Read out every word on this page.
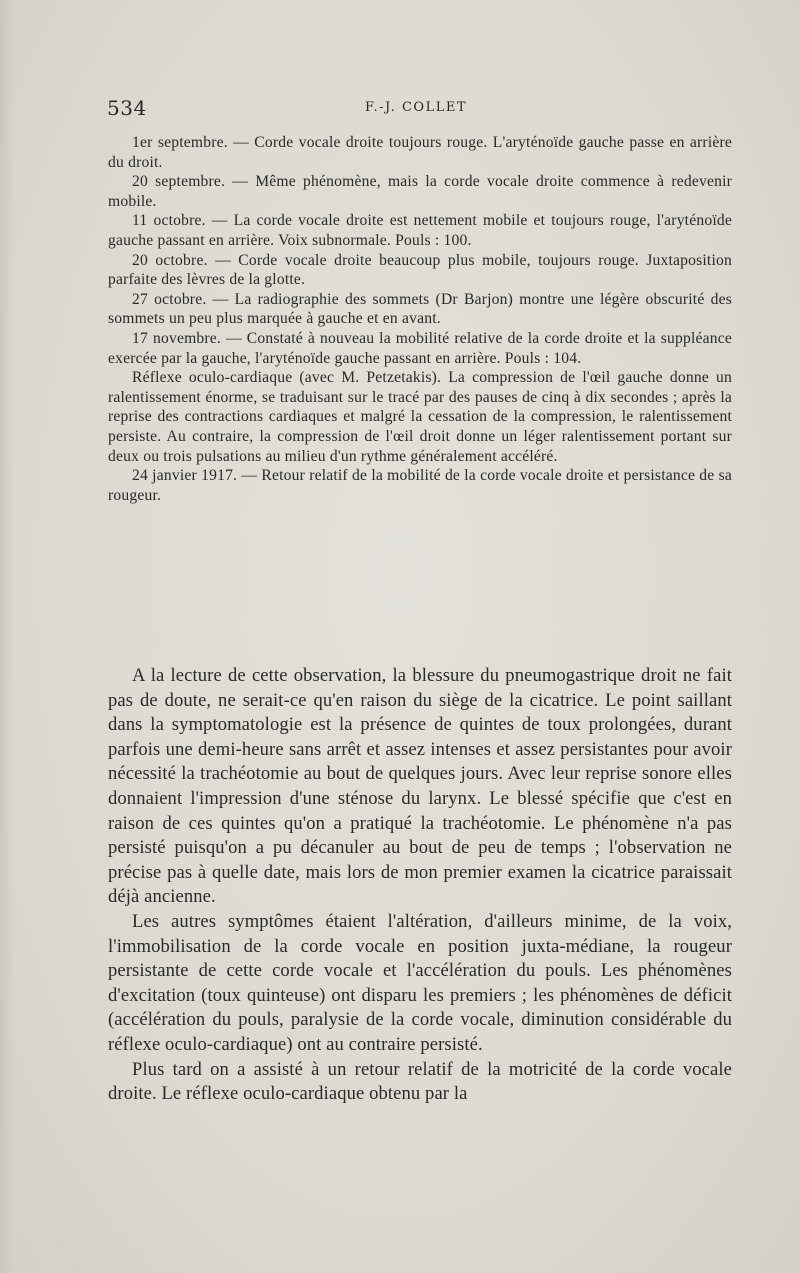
534	F.-J. COLLET

1er septembre. — Corde vocale droite toujours rouge. L'aryténoïde gauche passe en arrière du droit.

20 septembre. — Même phénomène, mais la corde vocale droite commence à redevenir mobile.

11 octobre. — La corde vocale droite est nettement mobile et toujours rouge, l'aryténoïde gauche passant en arrière. Voix subnormale. Pouls : 100.

20 octobre. — Corde vocale droite beaucoup plus mobile, toujours rouge. Juxtaposition parfaite des lèvres de la glotte.

27 octobre. — La radiographie des sommets (Dr Barjon) montre une légère obscurité des sommets un peu plus marquée à gauche et en avant.

17 novembre. — Constaté à nouveau la mobilité relative de la corde droite et la suppléance exercée par la gauche, l'aryténoïde gauche passant en arrière. Pouls : 104.

Réflexe oculo-cardiaque (avec M. Petzetakis). La compression de l'œil gauche donne un ralentissement énorme, se traduisant sur le tracé par des pauses de cinq à dix secondes ; après la reprise des contractions cardiaques et malgré la cessation de la compression, le ralentissement persiste. Au contraire, la compression de l'œil droit donne un léger ralentissement portant sur deux ou trois pulsations au milieu d'un rythme généralement accéléré.

24 janvier 1917. — Retour relatif de la mobilité de la corde vocale droite et persistance de sa rougeur.

A la lecture de cette observation, la blessure du pneumogastrique droit ne fait pas de doute, ne serait-ce qu'en raison du siège de la cicatrice. Le point saillant dans la symptomatologie est la présence de quintes de toux prolongées, durant parfois une demi-heure sans arrêt et assez intenses et assez persistantes pour avoir nécessité la trachéotomie au bout de quelques jours. Avec leur reprise sonore elles donnaient l'impression d'une sténose du larynx. Le blessé spécifie que c'est en raison de ces quintes qu'on a pratiqué la trachéotomie. Le phénomène n'a pas persisté puisqu'on a pu décanuler au bout de peu de temps ; l'observation ne précise pas à quelle date, mais lors de mon premier examen la cicatrice paraissait déjà ancienne.

Les autres symptômes étaient l'altération, d'ailleurs minime, de la voix, l'immobilisation de la corde vocale en position juxta-médiane, la rougeur persistante de cette corde vocale et l'accélération du pouls. Les phénomènes d'excitation (toux quinteuse) ont disparu les premiers ; les phénomènes de déficit (accélération du pouls, paralysie de la corde vocale, diminution considérable du réflexe oculo-cardiaque) ont au contraire persisté.

Plus tard on a assisté à un retour relatif de la motricité de la corde vocale droite. Le réflexe oculo-cardiaque obtenu par la
